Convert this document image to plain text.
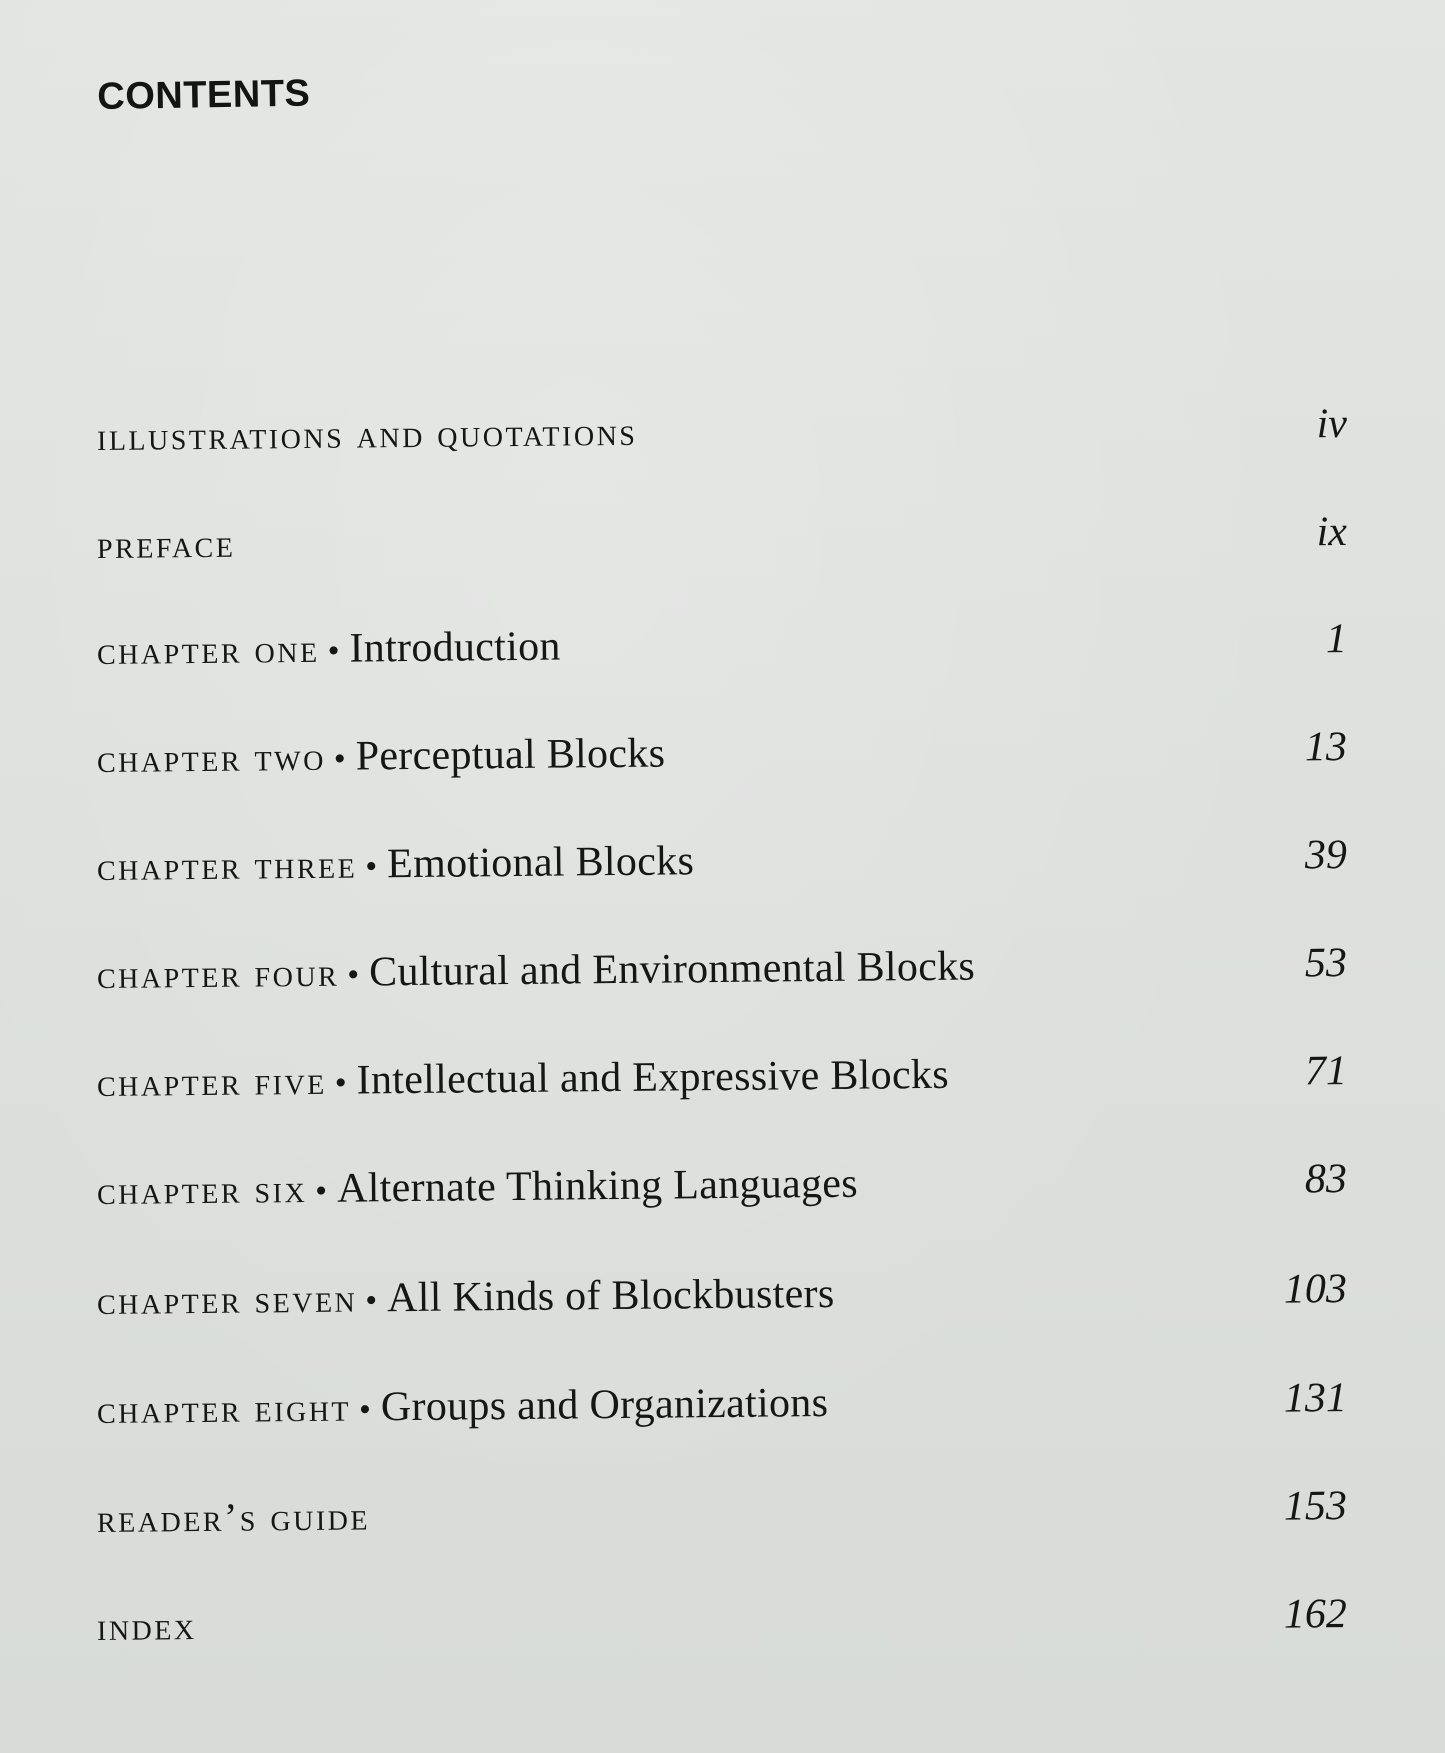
CONTENTS
illustrations and quotations	iv
preface	ix
chapter one • Introduction	1
chapter two • Perceptual Blocks	13
chapter three • Emotional Blocks	39
chapter four • Cultural and Environmental Blocks	53
chapter five • Intellectual and Expressive Blocks	71
chapter six • Alternate Thinking Languages	83
chapter seven • All Kinds of Blockbusters	103
chapter eight • Groups and Organizations	131
reader’s guide	153
index	162
